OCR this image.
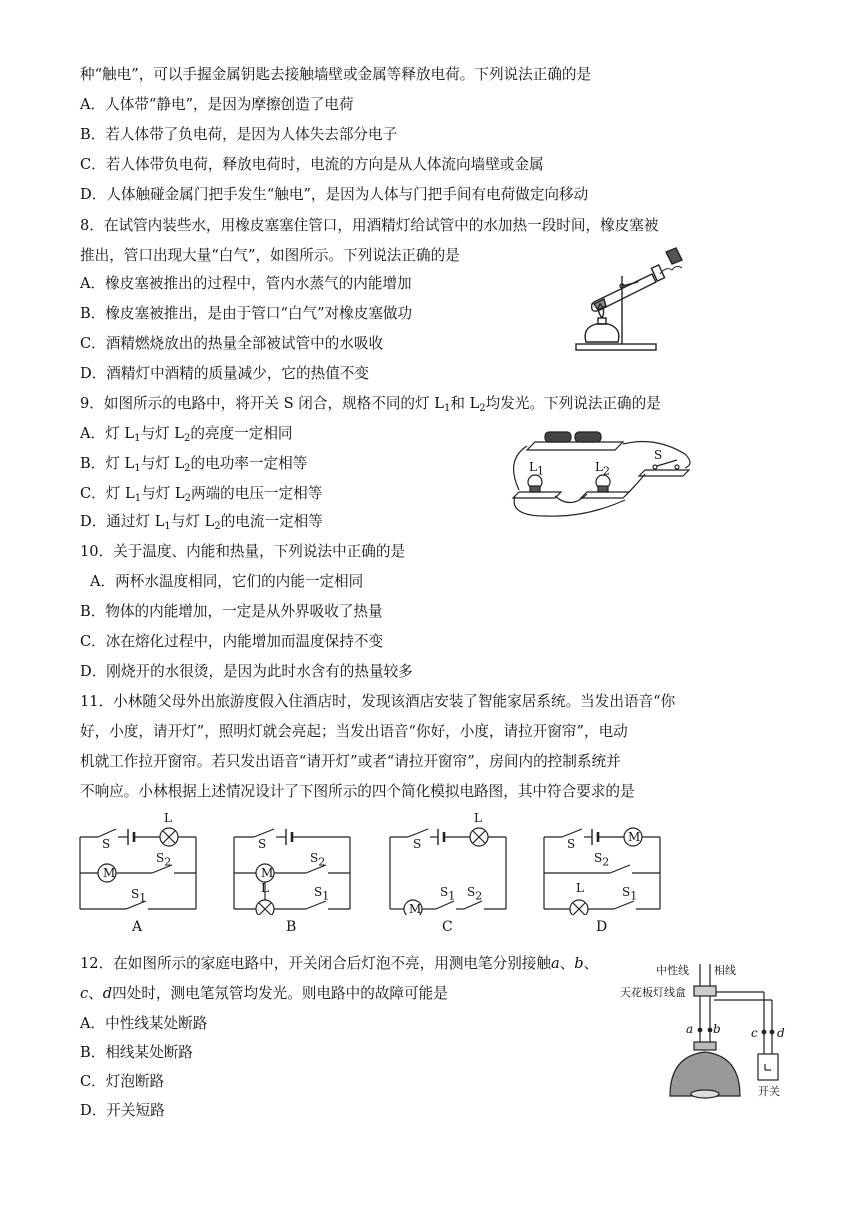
种“触电”，可以手握金属钥匙去接触墙壁或金属等释放电荷。下列说法正确的是
A．人体带“静电”，是因为摩擦创造了电荷
B．若人体带了负电荷，是因为人体失去部分电子
C．若人体带负电荷，释放电荷时，电流的方向是从人体流向墙壁或金属
D．人体触碰金属门把手发生“触电”，是因为人体与门把手间有电荷做定向移动
8．在试管内装些水，用橡皮塞塞住管口，用酒精灯给试管中的水加热一段时间，橡皮塞被
推出，管口出现大量“白气”，如图所示。下列说法正确的是
A．橡皮塞被推出的过程中，管内水蒸气的内能增加
B．橡皮塞被推出，是由于管口“白气”对橡皮塞做功
C．酒精燃烧放出的热量全部被试管中的水吸收
D．酒精灯中酒精的质量减少，它的热值不变
9．如图所示的电路中，将开关 S 闭合，规格不同的灯 $L_1$和 $L_2$均发光。下列说法正确的是
A．灯 $L_1$与灯 $L_2$的亮度一定相同
B．灯 $L_1$与灯 $L_2$的电功率一定相等
C．灯 $L_1$与灯 $L_2$两端的电压一定相等
D．通过灯 $L_1$与灯 $L_2$的电流一定相等
$L_1$	$L_2$
S
10．关于温度、内能和热量，下列说法中正确的是
A．两杯水温度相同，它们的内能一定相同
B．物体的内能增加，一定是从外界吸收了热量
C．冰在熔化过程中，内能增加而温度保持不变
D．刚烧开的水很烫，是因为此时水含有的热量较多
11．小林随父母外出旅游度假入住酒店时，发现该酒店安装了智能家居系统。当发出语音“你
好，小度，请开灯”，照明灯就会亮起；当发出语音“你好，小度，请拉开窗帘”，电动
机就工作拉开窗帘。若只发出语音“请开灯”或者“请拉开窗帘”，房间内的控制系统并
不响应。小林根据上述情况设计了下图所示的四个简化模拟电路图，其中符合要求的是
S
L
M
$S_2$
$S_1$
A
S
M
L
$S_2$
$S_1$
B
S
L
M
$S_1$ $S_2$
C
S	M
$S_2$
L	$S_1$
D
12．在如图所示的家庭电路中，开关闭合后灯泡不亮，用测电笔分别接触a、b、
c、d四处时，测电笔氖管均发光。则电路中的故障可能是
A．中性线某处断路
B．相线某处断路
C．灯泡断路
D．开关短路
中性线 相线
天花板灯线盒
a b	c d
开关
